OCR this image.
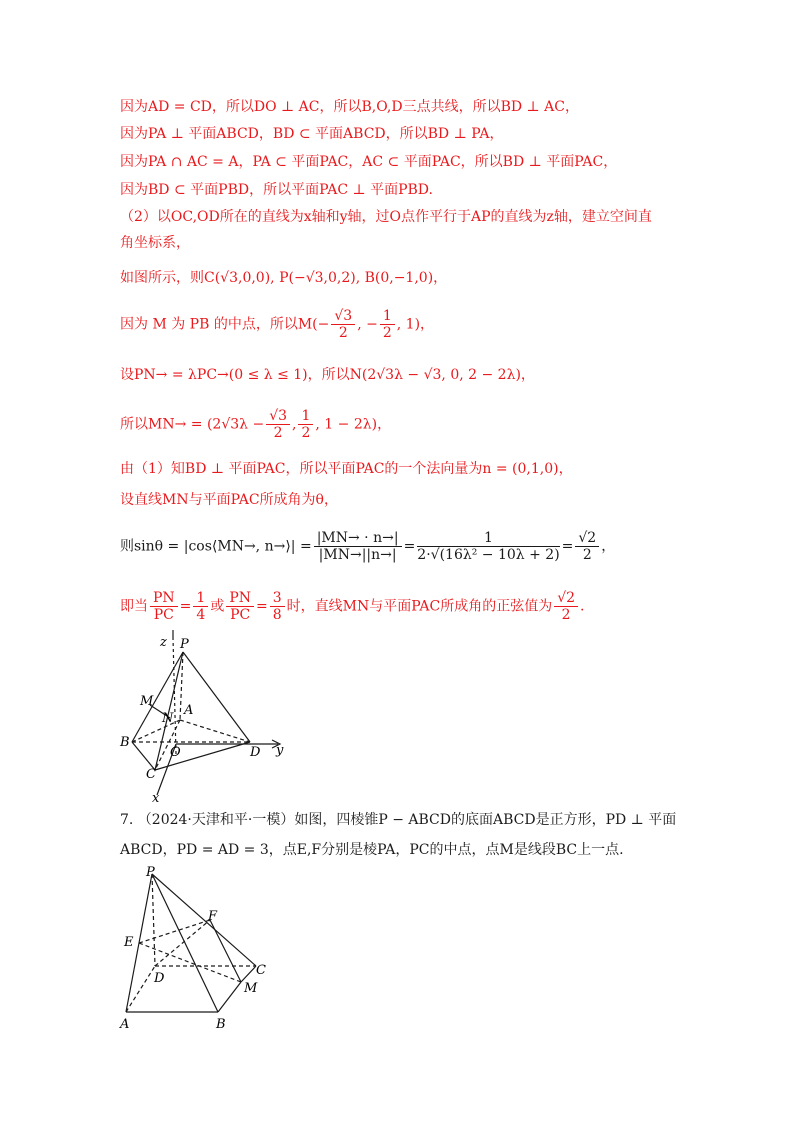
因为AD = CD，所以DO ⊥ AC，所以B,O,D三点共线，所以BD ⊥ AC，
因为PA ⊥ 平面ABCD，BD ⊂ 平面ABCD，所以BD ⊥ PA，
因为PA ∩ AC = A，PA ⊂ 平面PAC，AC ⊂ 平面PAC，所以BD ⊥ 平面PAC，
因为BD ⊂ 平面PBD，所以平面PAC ⊥ 平面PBD.
（2）以OC,OD所在的直线为x轴和y轴，过O点作平行于AP的直线为z轴，建立空间直
角坐标系，
如图所示，则C(√3,0,0), P(−√3,0,2), B(0,−1,0)，
因为 M 为 PB 的中点，所以$M(- \frac{√3}{2}$ , − $\frac{1}{2}$ , 1)，
设PN→ = λPC→(0 ≤ λ ≤ 1)，所以N(2√3λ − √3, 0, 2 − 2λ)，
所以$MN\to = (2√3\lambda - \frac{√3}{2}$ , $\frac{1}{2}$ , 1 − 2λ)，
由（1）知BD ⊥ 平面PAC，所以平面PAC的一个法向量为n = (0,1,0)，
设直线MN与平面PAC所成角为θ，
则sinθ = |cos⟨MN→, n→⟩| = $\frac{|MN\to \cdot n\to|}{|MN\to||n\to|} = \frac{1}{\text{2·√(16λ² − 10λ + 2)}} = \frac{√2}{2}$ ，
即当 $\frac{PN}{PC} = \frac{1}{4}$ 或 $\frac{PN}{PC} = \frac{3}{8}$ 时，直线MN与平面PAC所成角的正弦值为 $\frac{√2}{2}$ .
P
z
M
N
A
B
O	D y
C
x
7. （2024·天津和平·一模）如图，四棱锥P − ABCD的底面ABCD是正方形，PD ⊥ 平面
ABCD，PD = AD = 3，点E,F分别是棱PA，PC的中点，点M是线段BC上一点.
P
F
E
D
C
M
A	B
